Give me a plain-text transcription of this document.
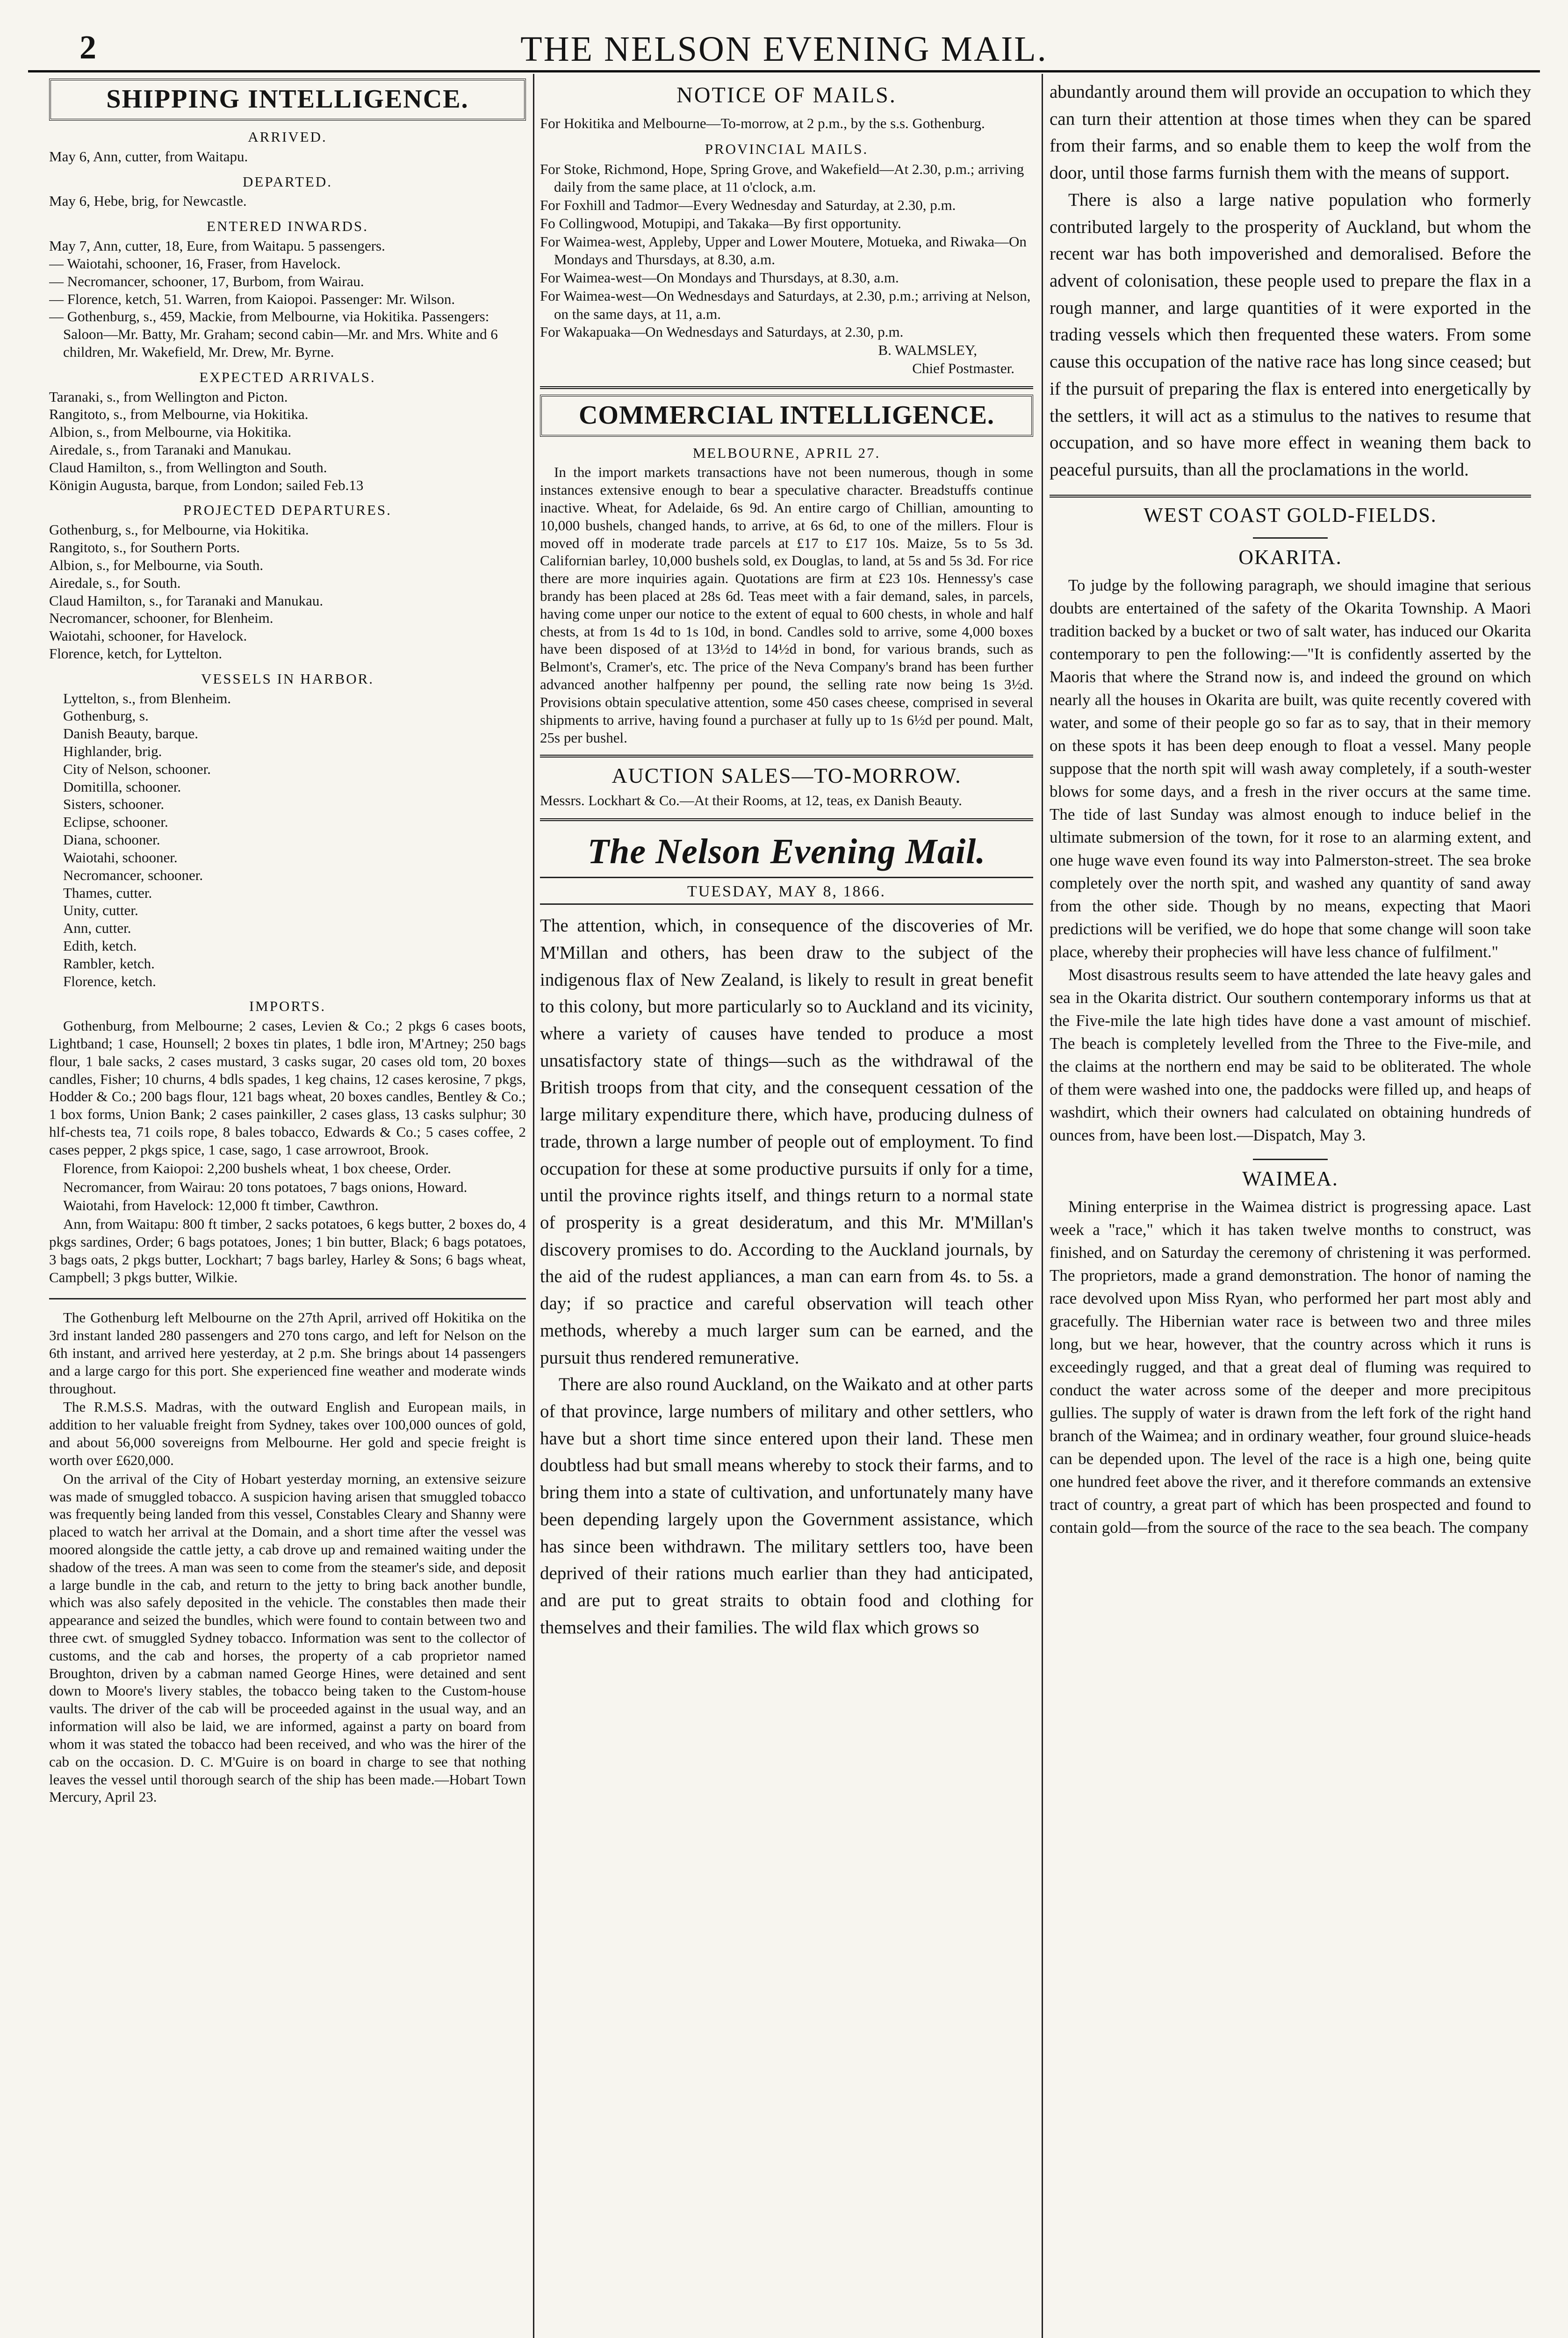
2	THE NELSON EVENING MAIL.
SHIPPING INTELLIGENCE.
ARRIVED.

May 6, Ann, cutter, from Waitapu.

DEPARTED.

May 6, Hebe, brig, for Newcastle.

ENTERED INWARDS.

May 7, Ann, cutter, 18, Eure, from Waitapu. 5 passengers.

— Waiotahi, schooner, 16, Fraser, from Havelock.

— Necromancer, schooner, 17, Burbom, from Wairau.

— Florence, ketch, 51. Warren, from Kaiopoi. Passenger: Mr. Wilson.

— Gothenburg, s., 459, Mackie, from Melbourne, via Hokitika. Passengers: Saloon—Mr. Batty, Mr. Graham; second cabin—Mr. and Mrs. White and 6 children, Mr. Wakefield, Mr. Drew, Mr. Byrne.

EXPECTED ARRIVALS.

Taranaki, s., from Wellington and Picton.

Rangitoto, s., from Melbourne, via Hokitika.

Albion, s., from Melbourne, via Hokitika.

Airedale, s., from Taranaki and Manukau.

Claud Hamilton, s., from Wellington and South.

Königin Augusta, barque, from London; sailed Feb.13

PROJECTED DEPARTURES.

Gothenburg, s., for Melbourne, via Hokitika.

Rangitoto, s., for Southern Ports.

Albion, s., for Melbourne, via South.

Airedale, s., for South.

Claud Hamilton, s., for Taranaki and Manukau.

Necromancer, schooner, for Blenheim.

Waiotahi, schooner, for Havelock.

Florence, ketch, for Lyttelton.

VESSELS IN HARBOR.

Lyttelton, s., from Blenheim.

Gothenburg, s.

Danish Beauty, barque.

Highlander, brig.

City of Nelson, schooner.

Domitilla, schooner.

Sisters, schooner.

Eclipse, schooner.

Diana, schooner.

Waiotahi, schooner.

Necromancer, schooner.

Thames, cutter.

Unity, cutter.

Ann, cutter.

Edith, ketch.

Rambler, ketch.

Florence, ketch.

IMPORTS.

Gothenburg, from Melbourne; 2 cases, Levien & Co.; 2 pkgs 6 cases boots, Lightband; 1 case, Hounsell; 2 boxes tin plates, 1 bdle iron, M'Artney; 250 bags flour, 1 bale sacks, 2 cases mustard, 3 casks sugar, 20 cases old tom, 20 boxes candles, Fisher; 10 churns, 4 bdls spades, 1 keg chains, 12 cases kerosine, 7 pkgs, Hodder & Co.; 200 bags flour, 121 bags wheat, 20 boxes candles, Bentley & Co.; 1 box forms, Union Bank; 2 cases painkiller, 2 cases glass, 13 casks sulphur; 30 hlf-chests tea, 71 coils rope, 8 bales tobacco, Edwards & Co.; 5 cases coffee, 2 cases pepper, 2 pkgs spice, 1 case, sago, 1 case arrowroot, Brook.

Florence, from Kaiopoi: 2,200 bushels wheat, 1 box cheese, Order.

Necromancer, from Wairau: 20 tons potatoes, 7 bags onions, Howard.

Waiotahi, from Havelock: 12,000 ft timber, Cawthron.

Ann, from Waitapu: 800 ft timber, 2 sacks potatoes, 6 kegs butter, 2 boxes do, 4 pkgs sardines, Order; 6 bags potatoes, Jones; 1 bin butter, Black; 6 bags potatoes, 3 bags oats, 2 pkgs butter, Lockhart; 7 bags barley, Harley & Sons; 6 bags wheat, Campbell; 3 pkgs butter, Wilkie.

The Gothenburg left Melbourne on the 27th April, arrived off Hokitika on the 3rd instant landed 280 passengers and 270 tons cargo, and left for Nelson on the 6th instant, and arrived here yesterday, at 2 p.m. She brings about 14 passengers and a large cargo for this port. She experienced fine weather and moderate winds throughout.

The R.M.S.S. Madras, with the outward English and European mails, in addition to her valuable freight from Sydney, takes over 100,000 ounces of gold, and about 56,000 sovereigns from Melbourne. Her gold and specie freight is worth over £620,000.

On the arrival of the City of Hobart yesterday morning, an extensive seizure was made of smuggled tobacco. A suspicion having arisen that smuggled tobacco was frequently being landed from this vessel, Constables Cleary and Shanny were placed to watch her arrival at the Domain, and a short time after the vessel was moored alongside the cattle jetty, a cab drove up and remained waiting under the shadow of the trees. A man was seen to come from the steamer's side, and deposit a large bundle in the cab, and return to the jetty to bring back another bundle, which was also safely deposited in the vehicle. The constables then made their appearance and seized the bundles, which were found to contain between two and three cwt. of smuggled Sydney tobacco. Information was sent to the collector of customs, and the cab and horses, the property of a cab proprietor named Broughton, driven by a cabman named George Hines, were detained and sent down to Moore's livery stables, the tobacco being taken to the Custom-house vaults. The driver of the cab will be proceeded against in the usual way, and an information will also be laid, we are informed, against a party on board from whom it was stated the tobacco had been received, and who was the hirer of the cab on the occasion. D. C. M'Guire is on board in charge to see that nothing leaves the vessel until thorough search of the ship has been made.—Hobart Town Mercury, April 23.

NOTICE OF MAILS.

For Hokitika and Melbourne—To-morrow, at 2 p.m., by the s.s. Gothenburg.

PROVINCIAL MAILS.

For Stoke, Richmond, Hope, Spring Grove, and Wakefield—At 2.30, p.m.; arriving daily from the same place, at 11 o'clock, a.m.

For Foxhill and Tadmor—Every Wednesday and Saturday, at 2.30, p.m.

Fo Collingwood, Motupipi, and Takaka—By first opportunity.

For Waimea-west, Appleby, Upper and Lower Moutere, Motueka, and Riwaka—On Mondays and Thursdays, at 8.30, a.m.

For Waimea-west—On Mondays and Thursdays, at 8.30, a.m.

For Waimea-west—On Wednesdays and Saturdays, at 2.30, p.m.; arriving at Nelson, on the same days, at 11, a.m.

For Wakapuaka—On Wednesdays and Saturdays, at 2.30, p.m.

B. WALMSLEY,

Chief Postmaster.

COMMERCIAL INTELLIGENCE.
MELBOURNE, APRIL 27.

In the import markets transactions have not been numerous, though in some instances extensive enough to bear a speculative character. Breadstuffs continue inactive. Wheat, for Adelaide, 6s 9d. An entire cargo of Chillian, amounting to 10,000 bushels, changed hands, to arrive, at 6s 6d, to one of the millers. Flour is moved off in moderate trade parcels at £17 to £17 10s. Maize, 5s to 5s 3d. Californian barley, 10,000 bushels sold, ex Douglas, to land, at 5s and 5s 3d. For rice there are more inquiries again. Quotations are firm at £23 10s. Hennessy's case brandy has been placed at 28s 6d. Teas meet with a fair demand, sales, in parcels, having come unper our notice to the extent of equal to 600 chests, in whole and half chests, at from 1s 4d to 1s 10d, in bond. Candles sold to arrive, some 4,000 boxes have been disposed of at 13½d to 14½d in bond, for various brands, such as Belmont's, Cramer's, etc. The price of the Neva Company's brand has been further advanced another halfpenny per pound, the selling rate now being 1s 3½d. Provisions obtain speculative attention, some 450 cases cheese, comprised in several shipments to arrive, having found a purchaser at fully up to 1s 6½d per pound. Malt, 25s per bushel.

AUCTION SALES—TO-MORROW.

Messrs. Lockhart & Co.—At their Rooms, at 12, teas, ex Danish Beauty.

The Nelson Evening Mail.
TUESDAY, MAY 8, 1866.

The attention, which, in consequence of the discoveries of Mr. M'Millan and others, has been draw to the subject of the indigenous flax of New Zealand, is likely to result in great benefit to this colony, but more particularly so to Auckland and its vicinity, where a variety of causes have tended to produce a most unsatisfactory state of things—such as the withdrawal of the British troops from that city, and the consequent cessation of the large military expenditure there, which have, producing dulness of trade, thrown a large number of people out of employment. To find occupation for these at some productive pursuits if only for a time, until the province rights itself, and things return to a normal state of prosperity is a great desideratum, and this Mr. M'Millan's discovery promises to do. According to the Auckland journals, by the aid of the rudest appliances, a man can earn from 4s. to 5s. a day; if so practice and careful observation will teach other methods, whereby a much larger sum can be earned, and the pursuit thus rendered remunerative.

There are also round Auckland, on the Waikato and at other parts of that province, large numbers of military and other settlers, who have but a short time since entered upon their land. These men doubtless had but small means whereby to stock their farms, and to bring them into a state of cultivation, and unfortunately many have been depending largely upon the Government assistance, which has since been withdrawn. The military settlers too, have been deprived of their rations much earlier than they had anticipated, and are put to great straits to obtain food and clothing for themselves and their families. The wild flax which grows so

abundantly around them will provide an occupation to which they can turn their attention at those times when they can be spared from their farms, and so enable them to keep the wolf from the door, until those farms furnish them with the means of support.

There is also a large native population who formerly contributed largely to the prosperity of Auckland, but whom the recent war has both impoverished and demoralised. Before the advent of colonisation, these people used to prepare the flax in a rough manner, and large quantities of it were exported in the trading vessels which then frequented these waters. From some cause this occupation of the native race has long since ceased; but if the pursuit of preparing the flax is entered into energetically by the settlers, it will act as a stimulus to the natives to resume that occupation, and so have more effect in weaning them back to peaceful pursuits, than all the proclamations in the world.

WEST COAST GOLD-FIELDS.
OKARITA.

To judge by the following paragraph, we should imagine that serious doubts are entertained of the safety of the Okarita Township. A Maori tradition backed by a bucket or two of salt water, has induced our Okarita contemporary to pen the following:—"It is confidently asserted by the Maoris that where the Strand now is, and indeed the ground on which nearly all the houses in Okarita are built, was quite recently covered with water, and some of their people go so far as to say, that in their memory on these spots it has been deep enough to float a vessel. Many people suppose that the north spit will wash away completely, if a south-wester blows for some days, and a fresh in the river occurs at the same time. The tide of last Sunday was almost enough to induce belief in the ultimate submersion of the town, for it rose to an alarming extent, and one huge wave even found its way into Palmerston-street. The sea broke completely over the north spit, and washed any quantity of sand away from the other side. Though by no means, expecting that Maori predictions will be verified, we do hope that some change will soon take place, whereby their prophecies will have less chance of fulfilment."

Most disastrous results seem to have attended the late heavy gales and sea in the Okarita district. Our southern contemporary informs us that at the Five-mile the late high tides have done a vast amount of mischief. The beach is completely levelled from the Three to the Five-mile, and the claims at the northern end may be said to be obliterated. The whole of them were washed into one, the paddocks were filled up, and heaps of washdirt, which their owners had calculated on obtaining hundreds of ounces from, have been lost.—Dispatch, May 3.

WAIMEA.

Mining enterprise in the Waimea district is progressing apace. Last week a "race," which it has taken twelve months to construct, was finished, and on Saturday the ceremony of christening it was performed. The proprietors, made a grand demonstration. The honor of naming the race devolved upon Miss Ryan, who performed her part most ably and gracefully. The Hibernian water race is between two and three miles long, but we hear, however, that the country across which it runs is exceedingly rugged, and that a great deal of fluming was required to conduct the water across some of the deeper and more precipitous gullies. The supply of water is drawn from the left fork of the right hand branch of the Waimea; and in ordinary weather, four ground sluice-heads can be depended upon. The level of the race is a high one, being quite one hundred feet above the river, and it therefore commands an extensive tract of country, a great part of which has been prospected and found to contain gold—from the source of the race to the sea beach. The company
